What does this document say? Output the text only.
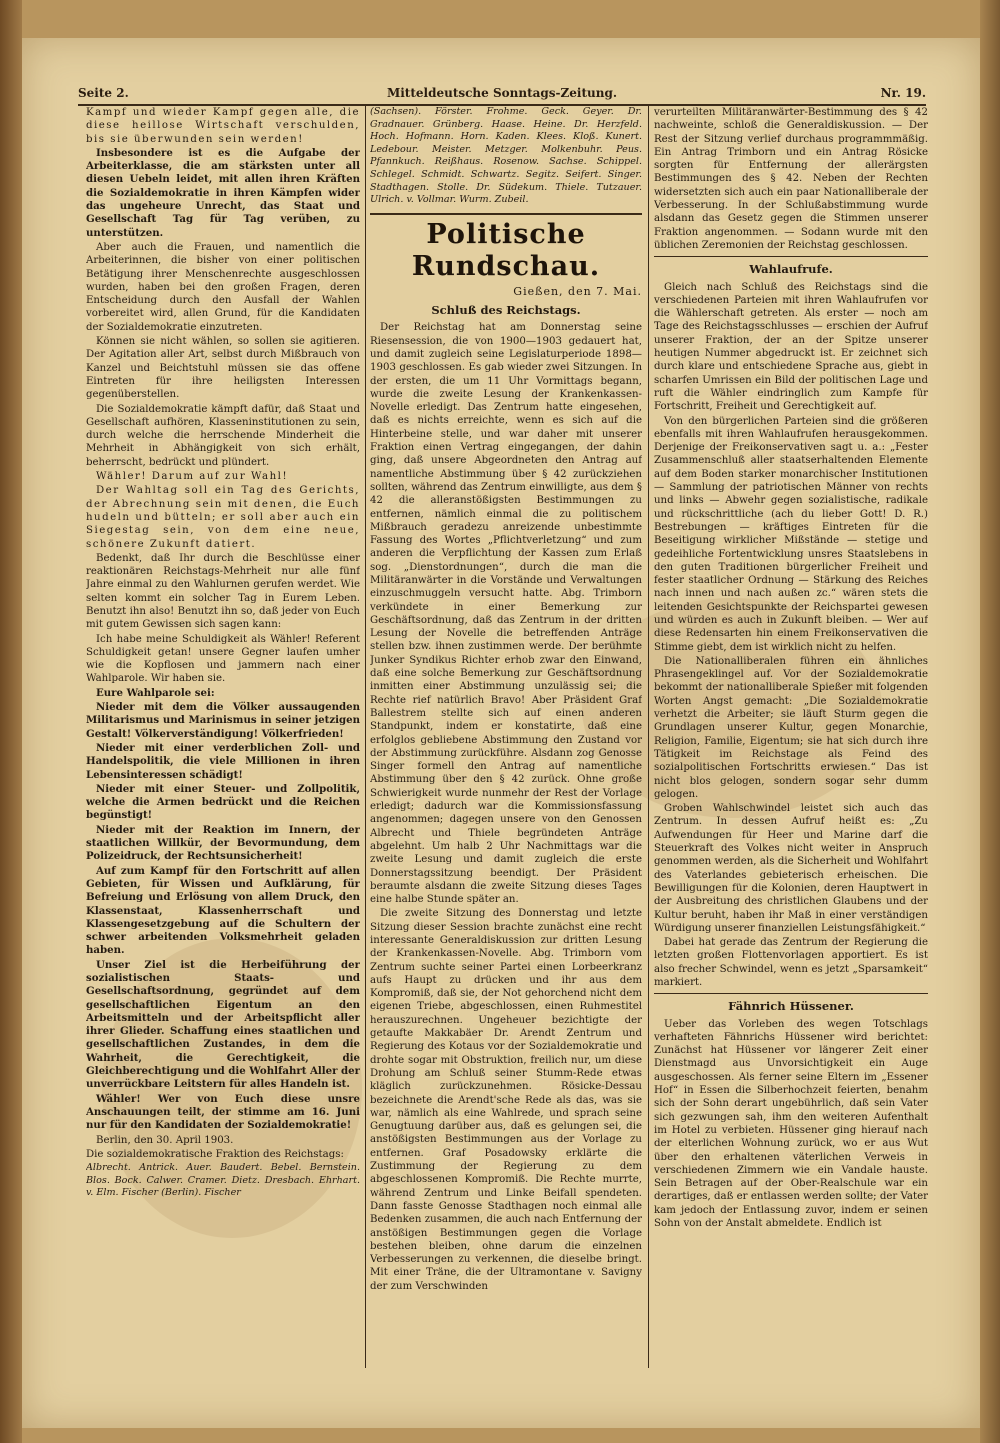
Seite 2.	Mitteldeutsche Sonntags-Zeitung.	Nr. 19.

Kampf und wieder Kampf gegen alle, die diese heillose Wirtschaft verschulden, bis sie überwunden sein werden!

Insbesondere ist es die Aufgabe der Arbeiterklasse, die am stärksten unter all diesen Uebeln leidet, mit allen ihren Kräften die Sozialdemokratie in ihren Kämpfen wider das ungeheure Unrecht, das Staat und Gesellschaft Tag für Tag verüben, zu unterstützen.

Aber auch die Frauen, und namentlich die Arbeiterinnen, die bisher von einer politischen Betätigung ihrer Menschenrechte ausgeschlossen wurden, haben bei den großen Fragen, deren Entscheidung durch den Ausfall der Wahlen vorbereitet wird, allen Grund, für die Kandidaten der Sozialdemokratie einzutreten.

Können sie nicht wählen, so sollen sie agitieren. Der Agitation aller Art, selbst durch Mißbrauch von Kanzel und Beichtstuhl müssen sie das offene Eintreten für ihre heiligsten Interessen gegenüberstellen.

Die Sozialdemokratie kämpft dafür, daß Staat und Gesellschaft aufhören, Klasseninstitutionen zu sein, durch welche die herrschende Minderheit die Mehrheit in Abhängigkeit von sich erhält, beherrscht, bedrückt und plündert.

Wähler! Darum auf zur Wahl!

Der Wahltag soll ein Tag des Gerichts, der Abrechnung sein mit denen, die Euch hudeln und bütteln; er soll aber auch ein Siegestag sein, von dem eine neue, schönere Zukunft datiert.

Bedenkt, daß Ihr durch die Beschlüsse einer reaktionären Reichstags-Mehrheit nur alle fünf Jahre einmal zu den Wahlurnen gerufen werdet. Wie selten kommt ein solcher Tag in Eurem Leben. Benutzt ihn also! Benutzt ihn so, daß jeder von Euch mit gutem Gewissen sich sagen kann:

Ich habe meine Schuldigkeit als Wähler! Referent Schuldigkeit getan! unsere Gegner laufen umher wie die Kopflosen und jammern nach einer Wahlparole. Wir haben sie.

Eure Wahlparole sei:

Nieder mit dem die Völker aussaugenden Militarismus und Marinismus in seiner jetzigen Gestalt! Völkerverständigung! Völkerfrieden!

Nieder mit einer verderblichen Zoll- und Handelspolitik, die viele Millionen in ihren Lebensinteressen schädigt!

Nieder mit einer Steuer- und Zollpolitik, welche die Armen bedrückt und die Reichen begünstigt!

Nieder mit der Reaktion im Innern, der staatlichen Willkür, der Bevormundung, dem Polizeidruck, der Rechtsunsicherheit!

Auf zum Kampf für den Fortschritt auf allen Gebieten, für Wissen und Aufklärung, für Befreiung und Erlösung von allem Druck, den Klassenstaat, Klassenherrschaft und Klassengesetzgebung auf die Schultern der schwer arbeitenden Volksmehrheit geladen haben.

Unser Ziel ist die Herbeiführung der sozialistischen Staats- und Gesellschaftsordnung, gegründet auf dem gesellschaftlichen Eigentum an den Arbeitsmitteln und der Arbeitspflicht aller ihrer Glieder. Schaffung eines staatlichen und gesellschaftlichen Zustandes, in dem die Wahrheit, die Gerechtigkeit, die Gleichberechtigung und die Wohlfahrt Aller der unverrückbare Leitstern für alles Handeln ist.

Wähler! Wer von Euch diese unsre Anschauungen teilt, der stimme am 16. Juni nur für den Kandidaten der Sozialdemokratie!

Berlin, den 30. April 1903.

Die sozialdemokratische Fraktion des Reichstags:

Albrecht. Antrick. Auer. Baudert. Bebel. Bernstein. Blos. Bock. Calwer. Cramer. Dietz. Dresbach. Ehrhart. v. Elm. Fischer (Berlin). Fischer

(Sachsen). Förster. Frohme. Geck. Geyer. Dr. Gradnauer. Grünberg. Haase. Heine. Dr. Herzfeld. Hoch. Hofmann. Horn. Kaden. Klees. Kloß. Kunert. Ledebour. Meister. Metzger. Molkenbuhr. Peus. Pfannkuch. Reißhaus. Rosenow. Sachse. Schippel. Schlegel. Schmidt. Schwartz. Segitz. Seifert. Singer. Stadthagen. Stolle. Dr. Südekum. Thiele. Tutzauer. Ulrich. v. Vollmar. Wurm. Zubeil.

Politische Rundschau.
Gießen, den 7. Mai.
Schluß des Reichstags.

Der Reichstag hat am Donnerstag seine Riesensession, die von 1900—1903 gedauert hat, und damit zugleich seine Legislaturperiode 1898—1903 geschlossen. Es gab wieder zwei Sitzungen. In der ersten, die um 11 Uhr Vormittags begann, wurde die zweite Lesung der Krankenkassen-Novelle erledigt. Das Zentrum hatte eingesehen, daß es nichts erreichte, wenn es sich auf die Hinterbeine stelle, und war daher mit unserer Fraktion einen Vertrag eingegangen, der dahin ging, daß unsere Abgeordneten den Antrag auf namentliche Abstimmung über § 42 zurückziehen sollten, während das Zentrum einwilligte, aus dem § 42 die alleranstößigsten Bestimmungen zu entfernen, nämlich einmal die zu politischem Mißbrauch geradezu anreizende unbestimmte Fassung des Wortes „Pflichtverletzung“ und zum anderen die Verpflichtung der Kassen zum Erlaß sog. „Dienstordnungen“, durch die man die Militäranwärter in die Vorstände und Verwaltungen einzuschmuggeln versucht hatte. Abg. Trimborn verkündete in einer Bemerkung zur Geschäftsordnung, daß das Zentrum in der dritten Lesung der Novelle die betreffenden Anträge stellen bzw. ihnen zustimmen werde. Der berühmte Junker Syndikus Richter erhob zwar den Einwand, daß eine solche Bemerkung zur Geschäftsordnung inmitten einer Abstimmung unzulässig sei; die Rechte rief natürlich Bravo! Aber Präsident Graf Ballestrem stellte sich auf einen anderen Standpunkt, indem er konstatirte, daß eine erfolglos gebliebene Abstimmung den Zustand vor der Abstimmung zurückführe. Alsdann zog Genosse Singer formell den Antrag auf namentliche Abstimmung über den § 42 zurück. Ohne große Schwierigkeit wurde nunmehr der Rest der Vorlage erledigt; dadurch war die Kommissionsfassung angenommen; dagegen unsere von den Genossen Albrecht und Thiele begründeten Anträge abgelehnt. Um halb 2 Uhr Nachmittags war die zweite Lesung und damit zugleich die erste Donnerstagssitzung beendigt. Der Präsident beraumte alsdann die zweite Sitzung dieses Tages eine halbe Stunde später an.

Die zweite Sitzung des Donnerstag und letzte Sitzung dieser Session brachte zunächst eine recht interessante Generaldiskussion zur dritten Lesung der Krankenkassen-Novelle. Abg. Trimborn vom Zentrum suchte seiner Partei einen Lorbeerkranz aufs Haupt zu drücken und ihr aus dem Kompromiß, daß sie, der Not gehorchend nicht dem eigenen Triebe, abgeschlossen, einen Ruhmestitel herauszurechnen. Ungeheuer bezichtigte der getaufte Makkabäer Dr. Arendt Zentrum und Regierung des Kotaus vor der Sozialdemokratie und drohte sogar mit Obstruktion, freilich nur, um diese Drohung am Schluß seiner Stumm-Rede etwas kläglich zurückzunehmen. Rösicke-Dessau bezeichnete die Arendt'sche Rede als das, was sie war, nämlich als eine Wahlrede, und sprach seine Genugtuung darüber aus, daß es gelungen sei, die anstößigsten Bestimmungen aus der Vorlage zu entfernen. Graf Posadowsky erklärte die Zustimmung der Regierung zu dem abgeschlossenen Kompromiß. Die Rechte murrte, während Zentrum und Linke Beifall spendeten. Dann fasste Genosse Stadthagen noch einmal alle Bedenken zusammen, die auch nach Entfernung der anstößigen Bestimmungen gegen die Vorlage bestehen bleiben, ohne darum die einzelnen Verbesserungen zu verkennen, die dieselbe bringt. Mit einer Träne, die der Ultramontane v. Savigny der zum Verschwinden

verurteilten Militäranwärter-Bestimmung des § 42 nachweinte, schloß die Generaldiskussion. — Der Rest der Sitzung verlief durchaus programmmäßig. Ein Antrag Trimborn und ein Antrag Rösicke sorgten für Entfernung der allerärgsten Bestimmungen des § 42. Neben der Rechten widersetzten sich auch ein paar Nationalliberale der Verbesserung. In der Schlußabstimmung wurde alsdann das Gesetz gegen die Stimmen unserer Fraktion angenommen. — Sodann wurde mit den üblichen Zeremonien der Reichstag geschlossen.

Wahlaufrufe.

Gleich nach Schluß des Reichstags sind die verschiedenen Parteien mit ihren Wahlaufrufen vor die Wählerschaft getreten. Als erster — noch am Tage des Reichstagsschlusses — erschien der Aufruf unserer Fraktion, der an der Spitze unserer heutigen Nummer abgedruckt ist. Er zeichnet sich durch klare und entschiedene Sprache aus, giebt in scharfen Umrissen ein Bild der politischen Lage und ruft die Wähler eindringlich zum Kampfe für Fortschritt, Freiheit und Gerechtigkeit auf.

Von den bürgerlichen Parteien sind die größeren ebenfalls mit ihren Wahlaufrufen herausgekommen. Derjenige der Freikonservativen sagt u. a.: „Fester Zusammenschluß aller staatserhaltenden Elemente auf dem Boden starker monarchischer Institutionen — Sammlung der patriotischen Männer von rechts und links — Abwehr gegen sozialistische, radikale und rückschrittliche (ach du lieber Gott! D. R.) Bestrebungen — kräftiges Eintreten für die Beseitigung wirklicher Mißstände — stetige und gedeihliche Fortentwicklung unsres Staatslebens in den guten Traditionen bürgerlicher Freiheit und fester staatlicher Ordnung — Stärkung des Reiches nach innen und nach außen zc.“ wären stets die leitenden Gesichtspunkte der Reichspartei gewesen und würden es auch in Zukunft bleiben. — Wer auf diese Redensarten hin einem Freikonservativen die Stimme giebt, dem ist wirklich nicht zu helfen.

Die Nationalliberalen führen ein ähnliches Phrasengeklingel auf. Vor der Sozialdemokratie bekommt der nationalliberale Spießer mit folgenden Worten Angst gemacht: „Die Sozialdemokratie verhetzt die Arbeiter; sie läuft Sturm gegen die Grundlagen unserer Kultur, gegen Monarchie, Religion, Familie, Eigentum; sie hat sich durch ihre Tätigkeit im Reichstage als Feind des sozialpolitischen Fortschritts erwiesen.“ Das ist nicht blos gelogen, sondern sogar sehr dumm gelogen.

Groben Wahlschwindel leistet sich auch das Zentrum. In dessen Aufruf heißt es: „Zu Aufwendungen für Heer und Marine darf die Steuerkraft des Volkes nicht weiter in Anspruch genommen werden, als die Sicherheit und Wohlfahrt des Vaterlandes gebieterisch erheischen. Die Bewilligungen für die Kolonien, deren Hauptwert in der Ausbreitung des christlichen Glaubens und der Kultur beruht, haben ihr Maß in einer verständigen Würdigung unserer finanziellen Leistungsfähigkeit.“

Dabei hat gerade das Zentrum der Regierung die letzten großen Flottenvorlagen apportiert. Es ist also frecher Schwindel, wenn es jetzt „Sparsamkeit“ markiert.

Fähnrich Hüssener.

Ueber das Vorleben des wegen Totschlags verhafteten Fähnrichs Hüssener wird berichtet: Zunächst hat Hüssener vor längerer Zeit einer Dienstmagd aus Unvorsichtigkeit ein Auge ausgeschossen. Als ferner seine Eltern im „Essener Hof“ in Essen die Silberhochzeit feierten, benahm sich der Sohn derart ungebührlich, daß sein Vater sich gezwungen sah, ihm den weiteren Aufenthalt im Hotel zu verbieten. Hüssener ging hierauf nach der elterlichen Wohnung zurück, wo er aus Wut über den erhaltenen väterlichen Verweis in verschiedenen Zimmern wie ein Vandale hauste. Sein Betragen auf der Ober-Realschule war ein derartiges, daß er entlassen werden sollte; der Vater kam jedoch der Entlassung zuvor, indem er seinen Sohn von der Anstalt abmeldete. Endlich ist
